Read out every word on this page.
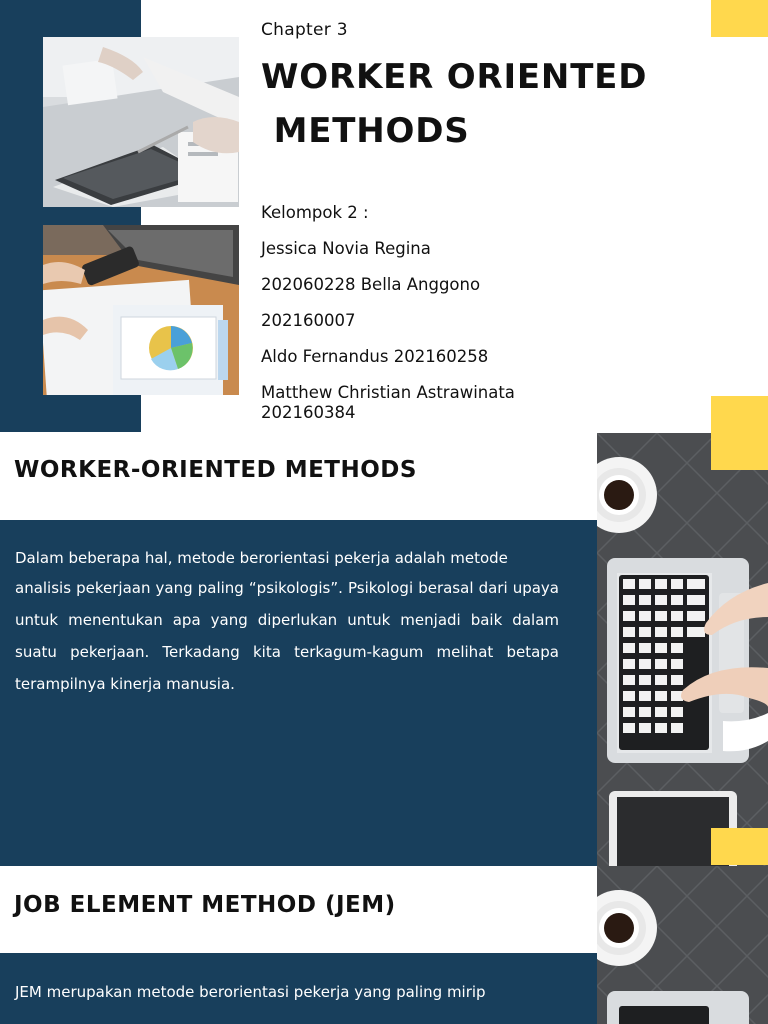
Chapter 3
WORKER ORIENTED
METHODS
Kelompok 2 :
Jessica Novia Regina
202060228 Bella Anggono
202160007
Aldo Fernandus 202160258
Matthew Christian Astrawinata
202160384
WORKER-ORIENTED METHODS
Dalam beberapa hal, metode berorientasi pekerja adalah metode
analisis pekerjaan yang paling “psikologis”. Psikologi berasal dari upaya untuk menentukan apa yang diperlukan untuk menjadi baik dalam suatu pekerjaan. Terkadang kita terkagum-kagum melihat betapa terampilnya kinerja manusia.
JOB ELEMENT METHOD (JEM)
JEM merupakan metode berorientasi pekerja yang paling mirip
